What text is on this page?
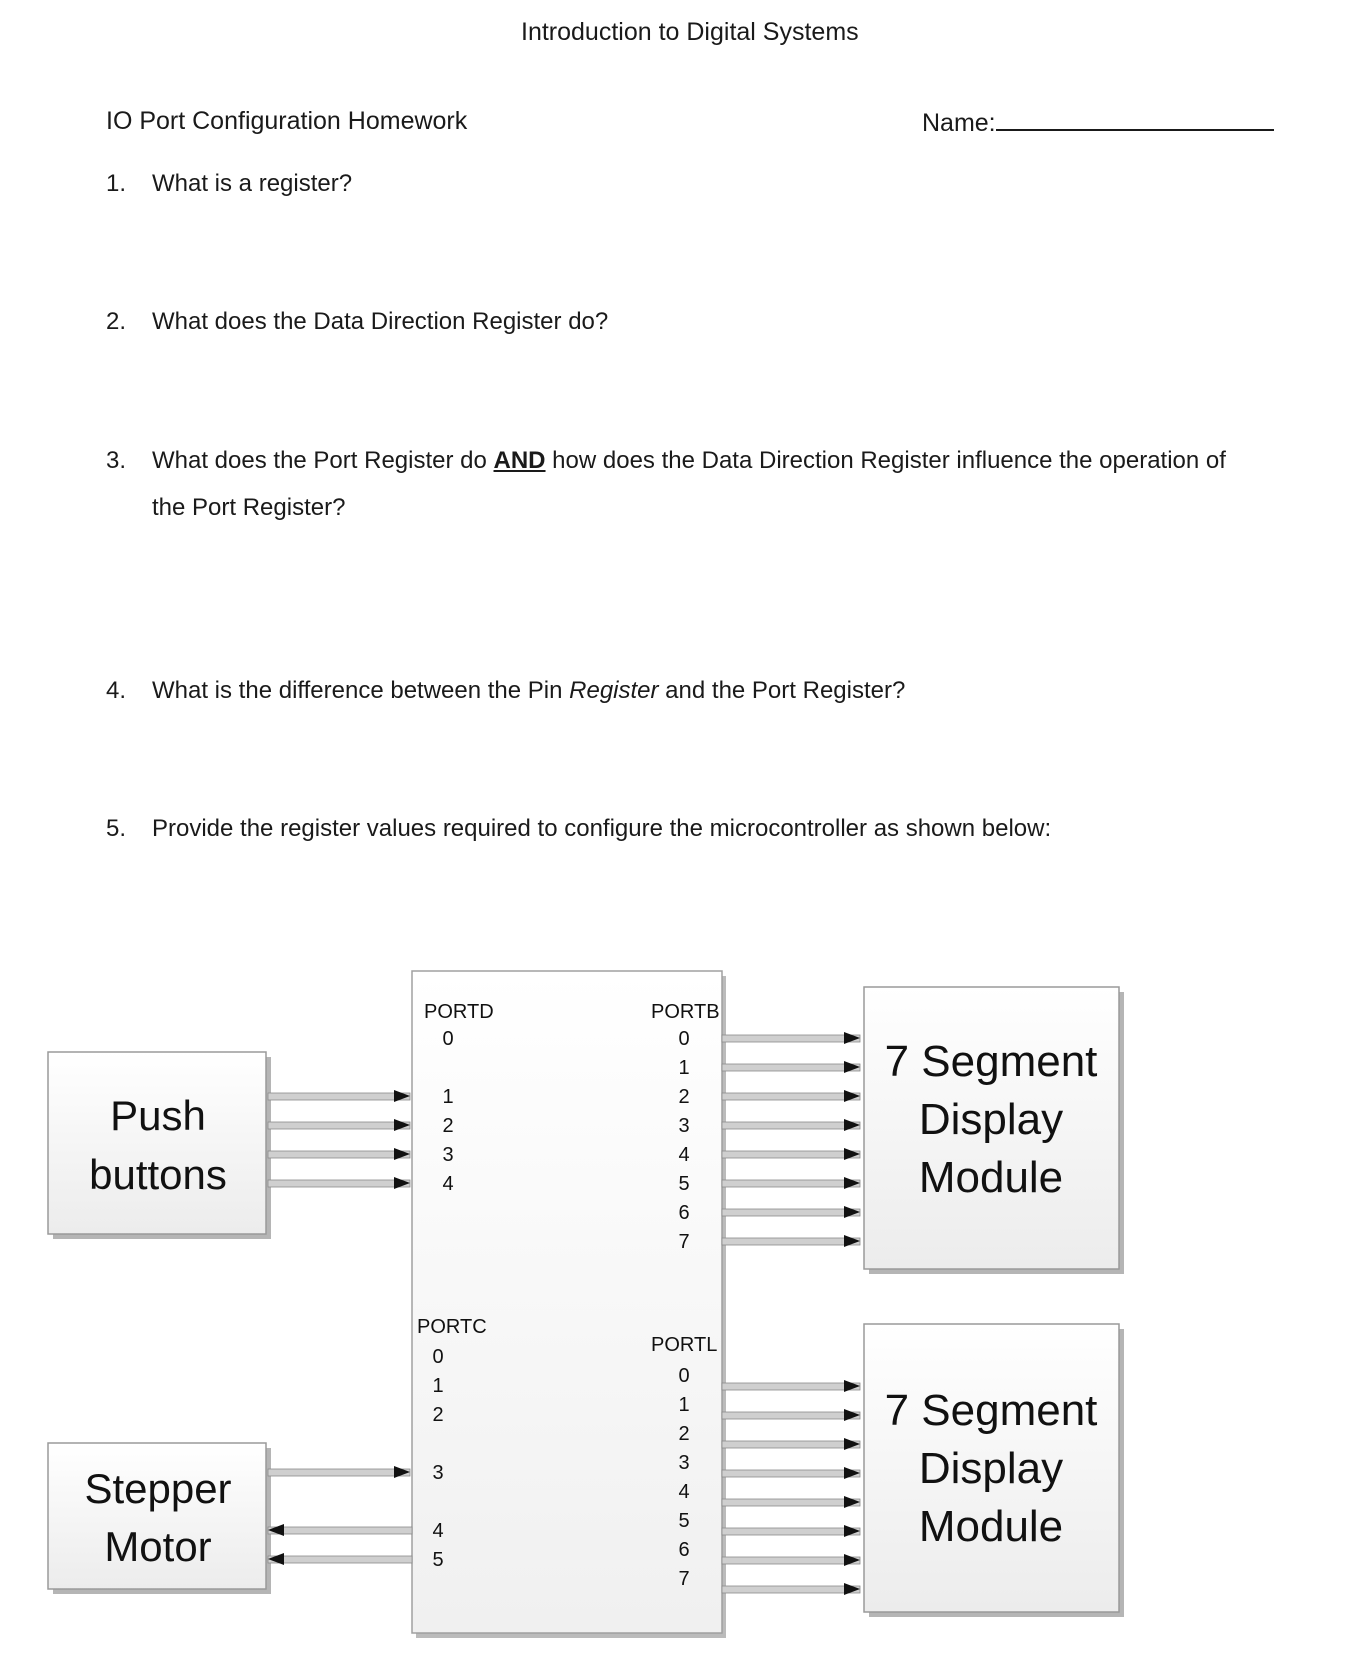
Introduction to Digital Systems
IO Port Configuration Homework	Name:
1. What is a register?
2. What does the Data Direction Register do?
3. What does the Port Register do AND how does the Data Direction Register influence the operation of
the Port Register?
4. What is the difference between the Pin Register and the Port Register?
5. Provide the register values required to configure the microcontroller as shown below:
Push
buttons
Stepper
Motor
7 Segment
Display
Module
7 Segment
Display
Module
PORTD	PORTB
PORTC
PORTL
0
1
2
3
4
0
1
2
3
4
5
6
7
0
1
2
3
4
5
0
1
2
3
4
5
6
7
